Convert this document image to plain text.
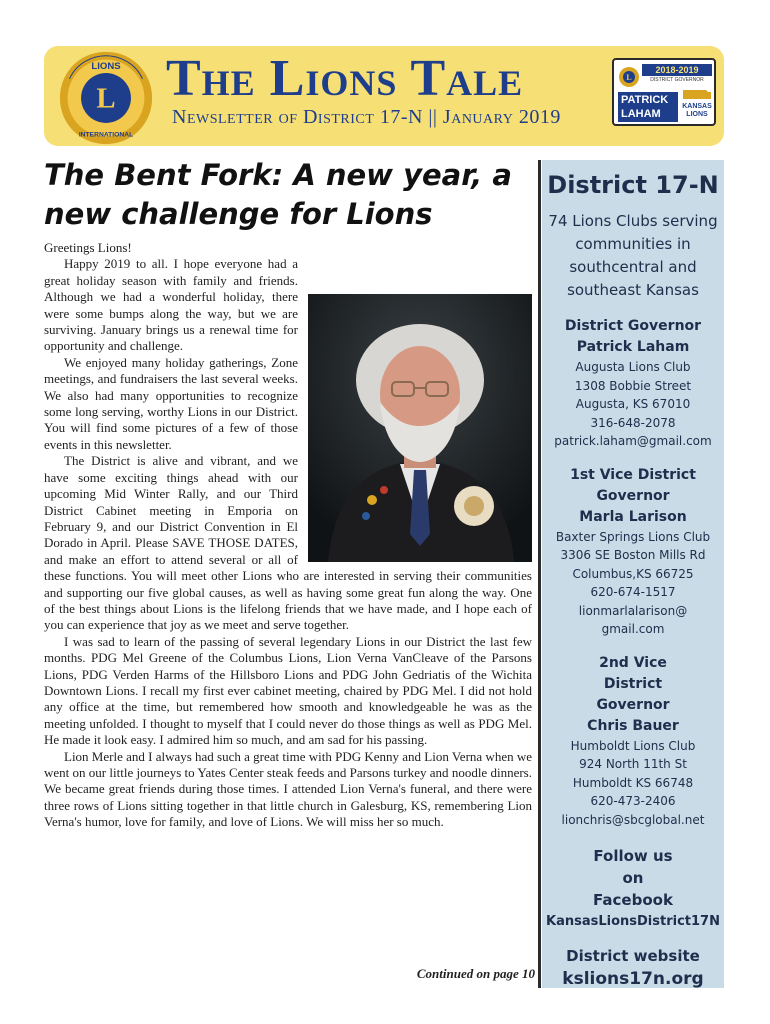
L
LIONS
INTERNATIONAL
The Lions Tale
Newsletter of District 17-N || January 2019
L
2018-2019
DISTRICT GOVERNOR
PATRICK
LAHAM
KANSAS
LIONS
The Bent Fork: A new year, a new challenge for Lions

Greetings Lions!

Happy 2019 to all. I hope everyone had a great holiday season with family and friends. Although we had a wonderful holiday, there were some bumps along the way, but we are surviving. January brings us a renewal time for opportunity and challenge.

We enjoyed many holiday gatherings, Zone meetings, and fundraisers the last several weeks. We also had many opportunities to recognize some long serving, worthy Lions in our District. You will find some pictures of a few of those events in this newsletter.

The District is alive and vibrant, and we have some exciting things ahead with our upcoming Mid Winter Rally, and our Third District Cabinet meeting in Emporia on February 9, and our District Convention in El Dorado in April. Please SAVE THOSE DATES, and make an effort to attend several or all of these functions. You will meet other Lions who are interested in serving their communities and supporting our five global causes, as well as having some great fun along the way. One of the best things about Lions is the lifelong friends that we have made, and I hope each of you can experience that joy as we meet and serve together.

I was sad to learn of the passing of several legendary Lions in our District the last few months. PDG Mel Greene of the Columbus Lions, Lion Verna VanCleave of the Parsons Lions, PDG Verden Harms of the Hillsboro Lions and PDG John Gedriatis of the Wichita Downtown Lions. I recall my first ever cabinet meeting, chaired by PDG Mel. I did not hold any office at the time, but remembered how smooth and knowledgeable he was as the meeting unfolded. I thought to myself that I could never do those things as well as PDG Mel. He made it look easy. I admired him so much, and am sad for his passing.

Lion Merle and I always had such a great time with PDG Kenny and Lion Verna when we went on our little journeys to Yates Center steak feeds and Parsons turkey and noodle dinners. We became great friends during those times. I attended Lion Verna's funeral, and there were three rows of Lions sitting together in that little church in Galesburg, KS, remembering Lion Verna's humor, love for family, and love of Lions. We will miss her so much.

Continued on page 10
District 17-N
74 Lions Clubs serving communities in southcentral and southeast Kansas
District Governor
Patrick Laham
Augusta Lions Club
1308 Bobbie Street
Augusta, KS 67010
316-648-2078
patrick.laham@gmail.com
1st Vice District Governor
Marla Larison
Baxter Springs Lions Club
3306 SE Boston Mills Rd
Columbus,KS 66725
620-674-1517
lionmarlalarison@
gmail.com
2nd Vice District Governor
Chris Bauer
Humboldt Lions Club
924 North 11th St
Humboldt KS 66748
620-473-2406
lionchris@sbcglobal.net
Follow us on Facebook
KansasLionsDistrict17N
District website
kslions17n.org
